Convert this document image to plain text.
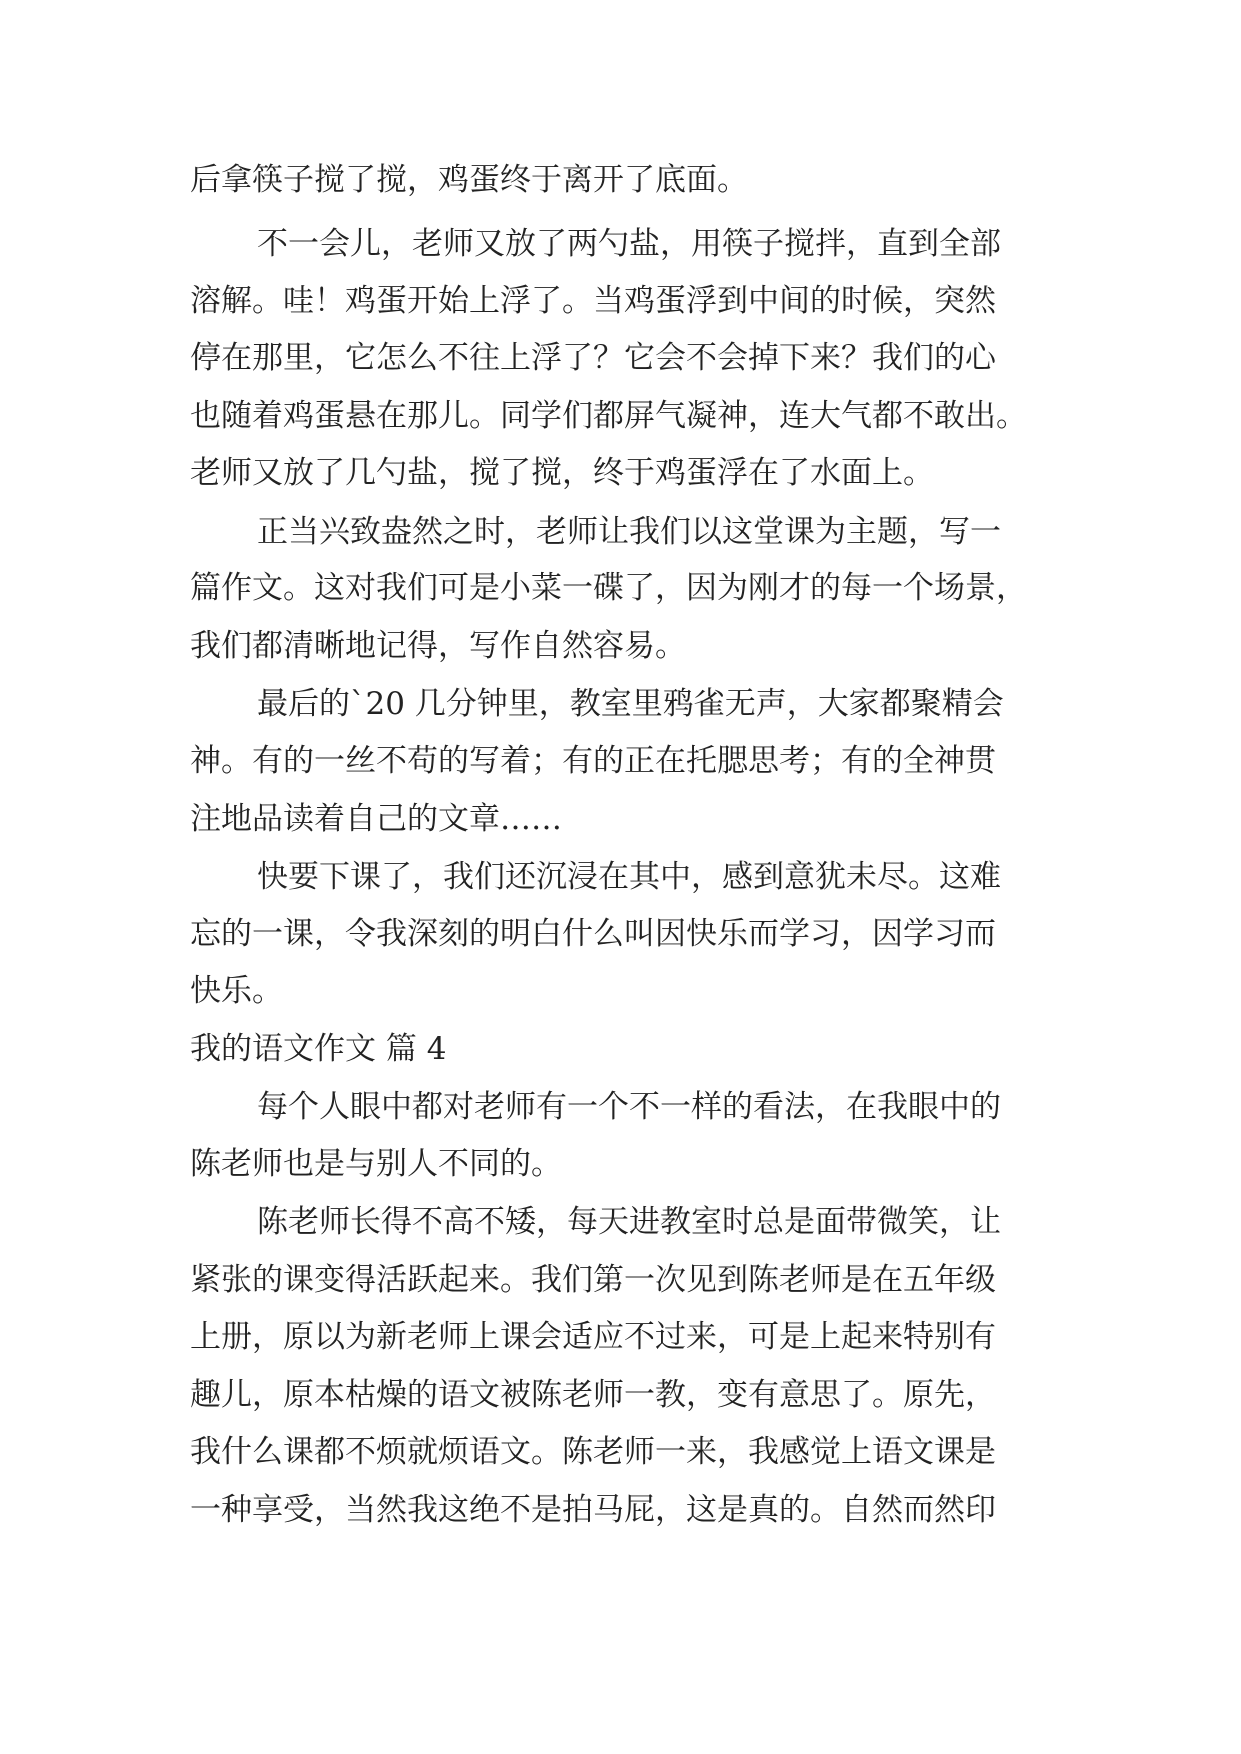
后拿筷子搅了搅，鸡蛋终于离开了底面。
不一会儿，老师又放了两勺盐，用筷子搅拌，直到全部
溶解。哇！鸡蛋开始上浮了。当鸡蛋浮到中间的时候，突然
停在那里，它怎么不往上浮了？它会不会掉下来？我们的心
也随着鸡蛋悬在那儿。同学们都屏气凝神，连大气都不敢出。
老师又放了几勺盐，搅了搅，终于鸡蛋浮在了水面上。
正当兴致盎然之时，老师让我们以这堂课为主题，写一
篇作文。这对我们可是小菜一碟了，因为刚才的每一个场景，
我们都清晰地记得，写作自然容易。
最后的`20 几分钟里，教室里鸦雀无声，大家都聚精会
神。有的一丝不苟的写着；有的正在托腮思考；有的全神贯
注地品读着自己的文章……
快要下课了，我们还沉浸在其中，感到意犹未尽。这难
忘的一课，令我深刻的明白什么叫因快乐而学习，因学习而
快乐。
我的语文作文 篇 4
每个人眼中都对老师有一个不一样的看法，在我眼中的
陈老师也是与别人不同的。
陈老师长得不高不矮，每天进教室时总是面带微笑，让
紧张的课变得活跃起来。我们第一次见到陈老师是在五年级
上册，原以为新老师上课会适应不过来，可是上起来特别有
趣儿，原本枯燥的语文被陈老师一教，变有意思了。原先，
我什么课都不烦就烦语文。陈老师一来，我感觉上语文课是
一种享受，当然我这绝不是拍马屁，这是真的。自然而然印
